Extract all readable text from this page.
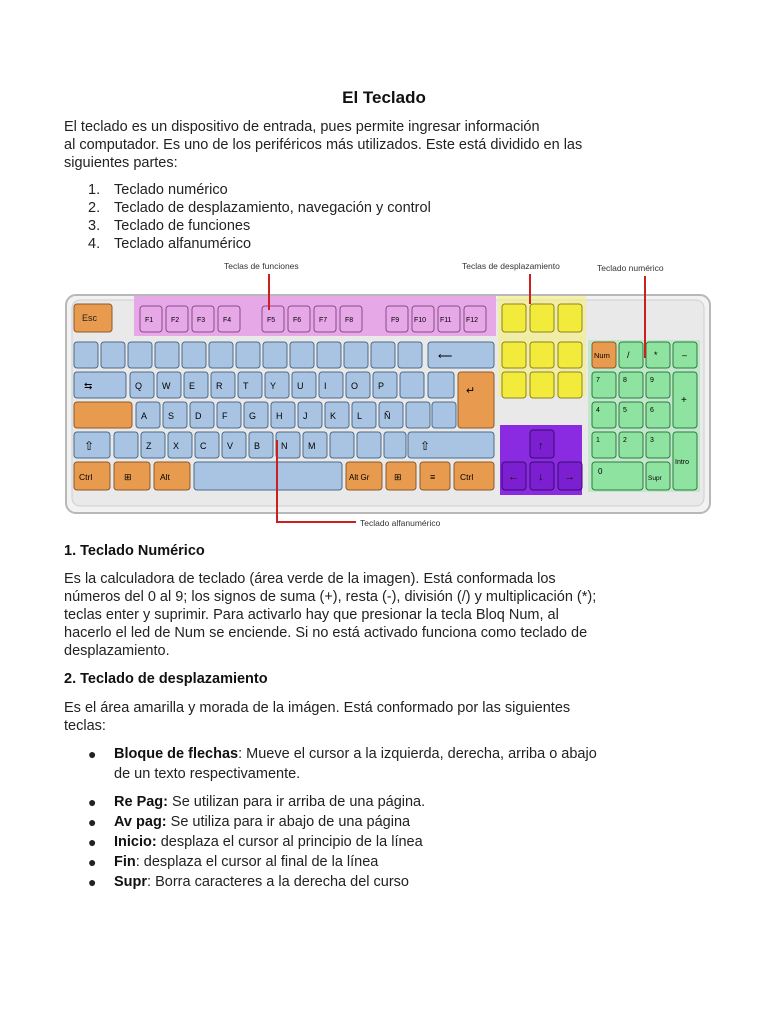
El Teclado

El teclado es un dispositivo de entrada, pues permite ingresar información

al computador. Es uno de los periféricos más utilizados. Este está dividido en las

siguientes partes:

1. Teclado numérico
2. Teclado de desplazamiento, navegación y control
3. Teclado de funciones
4. Teclado alfanumérico
Teclas de funciones	Teclas de desplazamiento	Teclado numérico
Teclado alfanumérico
Esc	F1	F2	F3	F4	F5	F6	F7	F8	F9 F10 F11 F12
⟵
⇆	Q W E R T Y U I	O P	↵
A S D F G H J	K L Ñ
⇧	Z X C V B N M	⇧
Ctrl	⊞	Alt	Alt Gr	⊞	≡	Ctrl
↑
← ↓ →
Num /	*	–
7	8	9
4	5	6
1	2	3
+
Intro
0
Supr
1. Teclado Numérico
Es la calculadora de teclado (área verde de la imagen). Está conformada los
números del 0 al 9; los signos de suma (+), resta (-), división (/) y multiplicación (*);
teclas enter y suprimir. Para activarlo hay que presionar la tecla Bloq Num, al
hacerlo el led de Num se enciende. Si no está activado funciona como teclado de
desplazamiento.
2. Teclado de desplazamiento
Es el área amarilla y morada de la imágen. Está conformado por las siguientes
teclas:
●	Bloque de flechas: Mueve el cursor a la izquierda, derecha, arriba o abajo
de un texto respectivamente.
●	Re Pag: Se utilizan para ir arriba de una página.
●	Av pag: Se utiliza para ir abajo de una página
●	Inicio: desplaza el cursor al principio de la línea
●	Fin: desplaza el cursor al final de la línea
●	Supr: Borra caracteres a la derecha del curso
